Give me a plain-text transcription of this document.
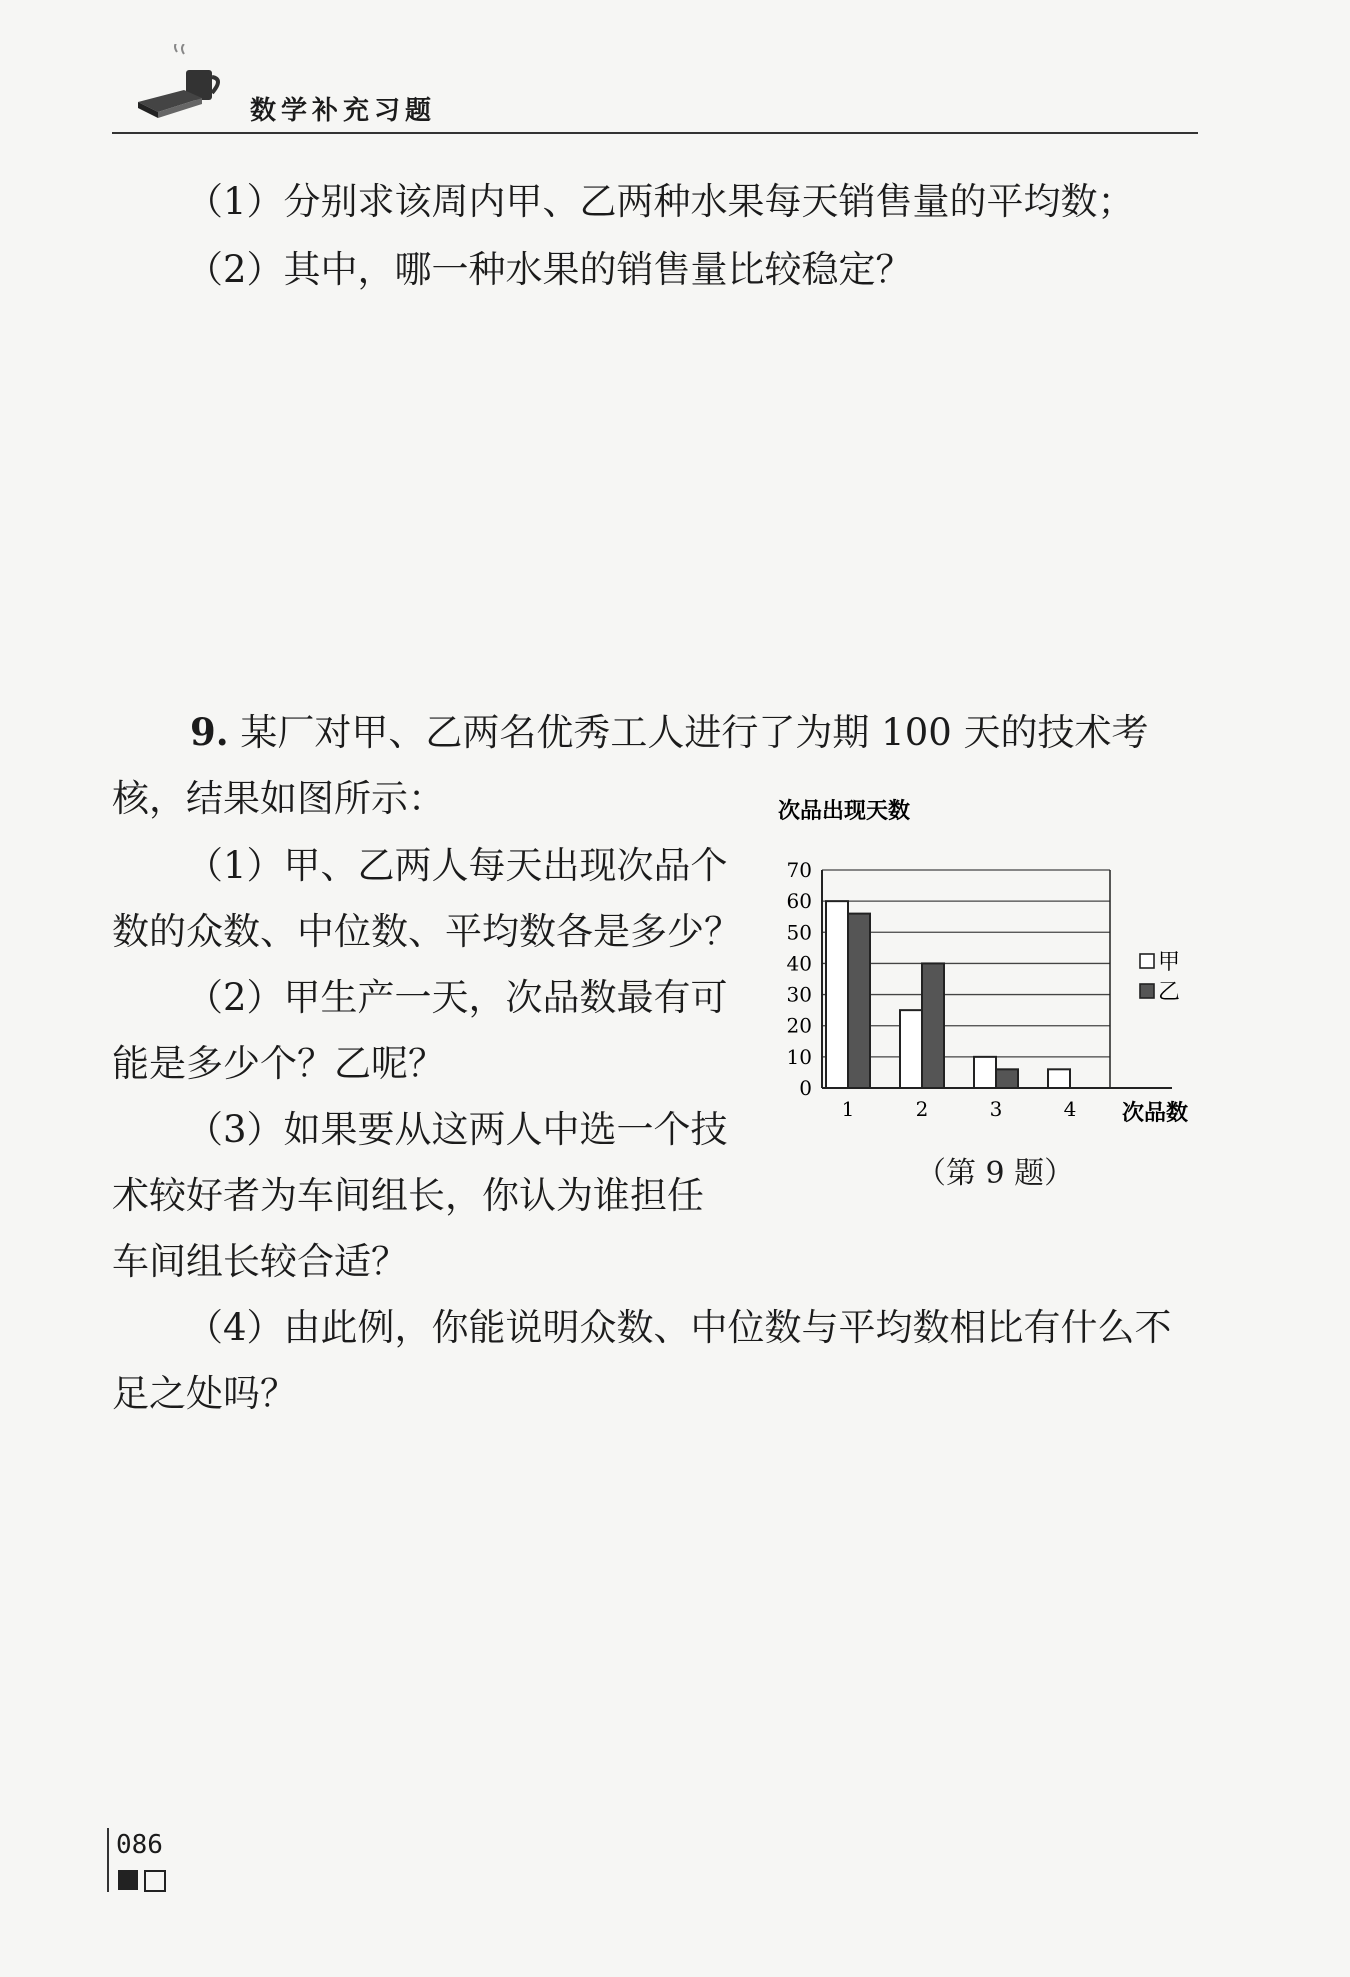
数学补充习题
（1）分别求该周内甲、乙两种水果每天销售量的平均数；
（2）其中，哪一种水果的销售量比较稳定？
9. 某厂对甲、乙两名优秀工人进行了为期 100 天的技术考
核，结果如图所示：
（1）甲、乙两人每天出现次品个
数的众数、中位数、平均数各是多少？
（2）甲生产一天，次品数最有可
能是多少个？乙呢？
（3）如果要从这两人中选一个技
术较好者为车间组长，你认为谁担任
车间组长较合适？
（4）由此例，你能说明众数、中位数与平均数相比有什么不
足之处吗？
次品出现天数
0
10
20
30
40
50
60
70
1	2	3	4 次品数
甲
乙
（第 9 题）
086
